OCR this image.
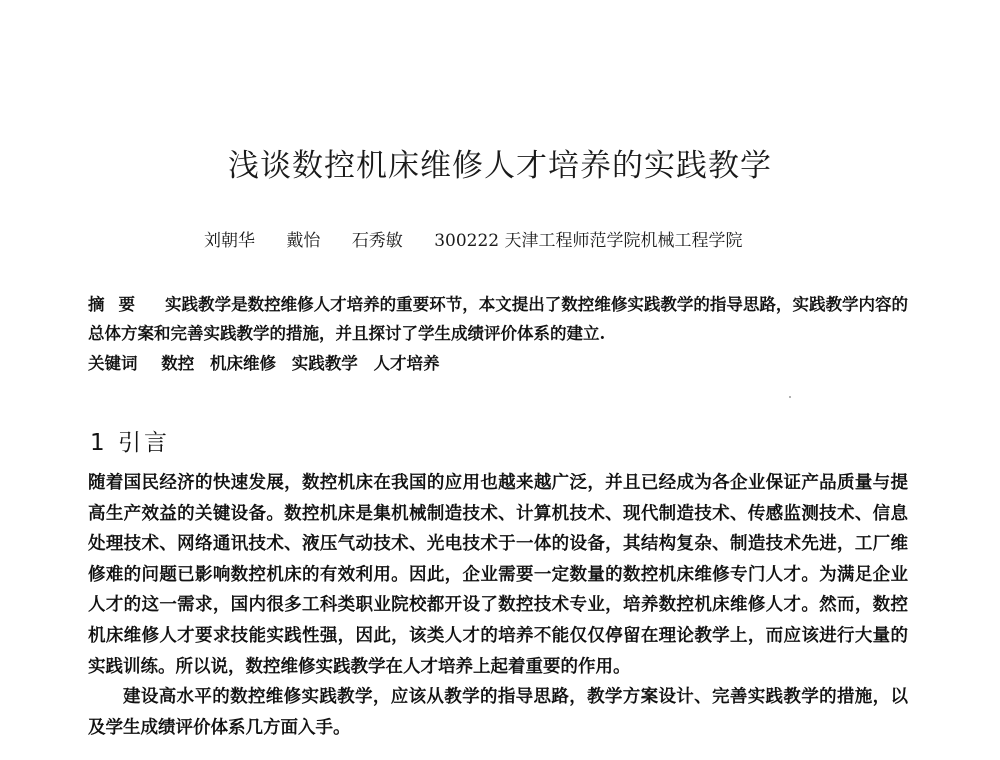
浅谈数控机床维修人才培养的实践教学
刘朝华 戴怡 石秀敏 300222 天津工程师范学院机械工程学院
摘要 实践教学是数控维修人才培养的重要环节，本文提出了数控维修实践教学的指导思路，实践教学内容的总体方案和完善实践教学的措施，并且探讨了学生成绩评价体系的建立.
关键词 数控 机床维修 实践教学 人才培养
1 引言

随着国民经济的快速发展，数控机床在我国的应用也越来越广泛，并且已经成为各企业保证产品质量与提高生产效益的关键设备。数控机床是集机械制造技术、计算机技术、现代制造技术、传感监测技术、信息处理技术、网络通讯技术、液压气动技术、光电技术于一体的设备，其结构复杂、制造技术先进，工厂维修难的问题已影响数控机床的有效利用。因此，企业需要一定数量的数控机床维修专门人才。为满足企业人才的这一需求，国内很多工科类职业院校都开设了数控技术专业，培养数控机床维修人才。然而，数控机床维修人才要求技能实践性强，因此，该类人才的培养不能仅仅停留在理论教学上，而应该进行大量的实践训练。所以说，数控维修实践教学在人才培养上起着重要的作用。

建设高水平的数控维修实践教学，应该从教学的指导思路，教学方案设计、完善实践教学的措施，以及学生成绩评价体系几方面入手。
